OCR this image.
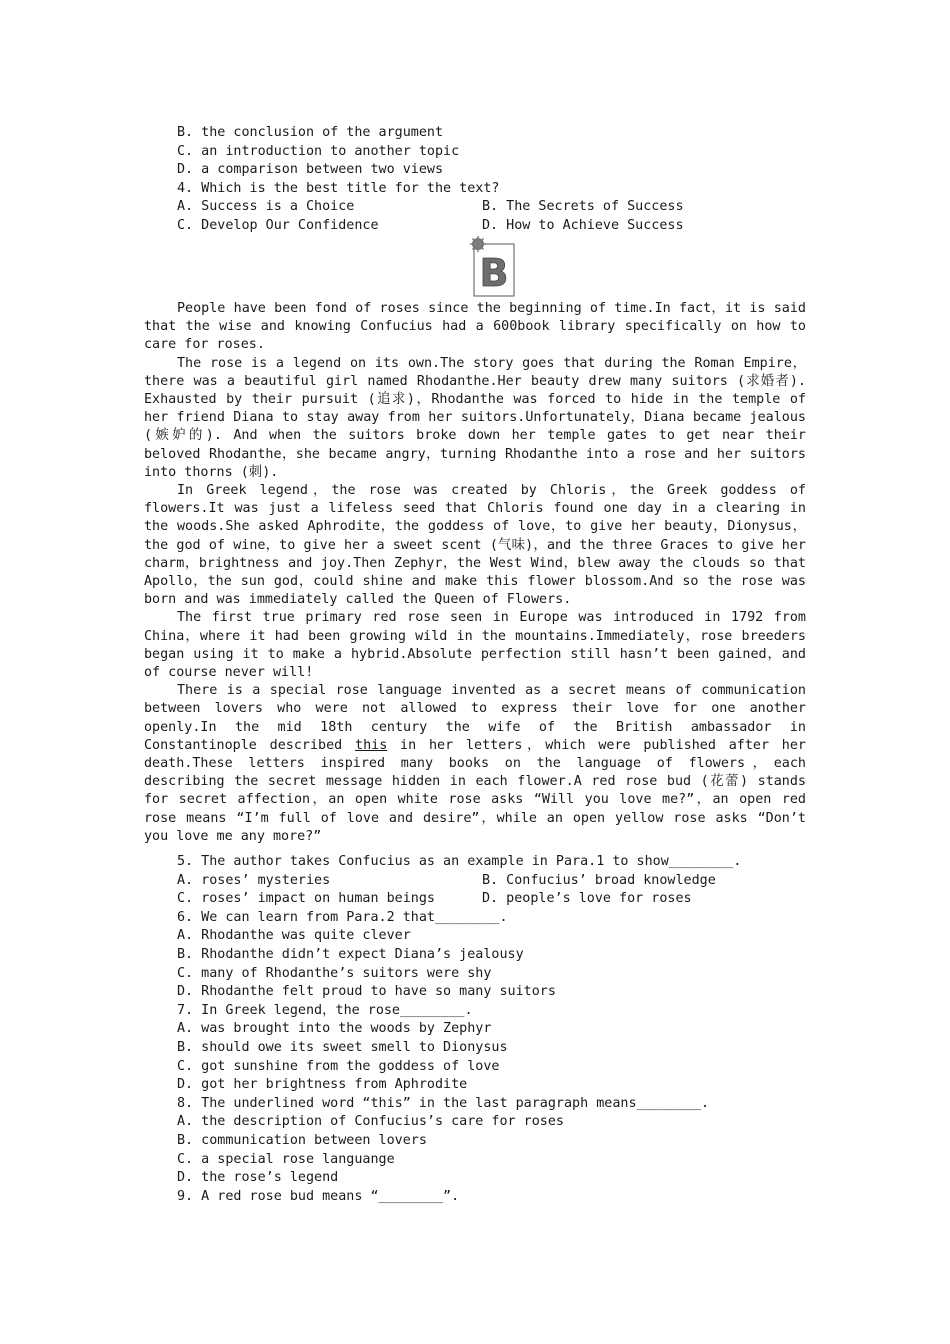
B. the conclusion of the argument
C. an introduction to another topic
D. a comparison between two views
4. Which is the best title for the text?
A. Success is a Choice	B. The Secrets of Success
C. Develop Our Confidence	D. How to Achieve Success
B

People have been fond of roses since the beginning of time.In fact，it is said that the wise and knowing Confucius had a 600book library specifically on how to care for roses.

The rose is a legend on its own.The story goes that during the Roman Empire，there was a beautiful girl named Rhodanthe.Her beauty drew many suitors (求婚者). Exhausted by their pursuit (追求)，Rhodanthe was forced to hide in the temple of her friend Diana to stay away from her suitors.Unfortunately，Diana became jealous (嫉妒的). And when the suitors broke down her temple gates to get near their beloved Rhodanthe，she became angry，turning Rhodanthe into a rose and her suitors into thorns (刺).

In Greek legend，the rose was created by Chloris，the Greek goddess of flowers.It was just a lifeless seed that Chloris found one day in a clearing in the woods.She asked Aphrodite，the goddess of love，to give her beauty，Dionysus，the god of wine，to give her a sweet scent (气味)，and the three Graces to give her charm，brightness and joy.Then Zephyr，the West Wind，blew away the clouds so that Apollo，the sun god，could shine and make this flower blossom.And so the rose was born and was immediately called the Queen of Flowers.

The first true primary red rose seen in Europe was introduced in 1792 from China，where it had been growing wild in the mountains.Immediately，rose breeders began using it to make a hybrid.Absolute perfection still hasn’t been gained，and of course never will!

There is a special rose language invented as a secret means of communication between lovers who were not allowed to express their love for one another openly.In the mid 18th century the wife of the British ambassador in Constantinople described this in her letters，which were published after her death.These letters inspired many books on the language of flowers，each describing the secret message hidden in each flower.A red rose bud (花蕾) stands for secret affection，an open white rose asks “Will you love me?”，an open red rose means “I’m full of love and desire”，while an open yellow rose asks “Don’t you love me any more?”

5. The author takes Confucius as an example in Para.1 to show________.
A. roses’ mysteries	B. Confucius’ broad knowledge
C. roses’ impact on human beings	D. people’s love for roses
6. We can learn from Para.2 that________.
A. Rhodanthe was quite clever
B. Rhodanthe didn’t expect Diana’s jealousy
C. many of Rhodanthe’s suitors were shy
D. Rhodanthe felt proud to have so many suitors
7. In Greek legend，the rose________.
A. was brought into the woods by Zephyr
B. should owe its sweet smell to Dionysus
C. got sunshine from the goddess of love
D. got her brightness from Aphrodite
8. The underlined word “this” in the last paragraph means________.
A. the description of Confucius’s care for roses
B. communication between lovers
C. a special rose languange
D. the rose’s legend
9. A red rose bud means “________”.
